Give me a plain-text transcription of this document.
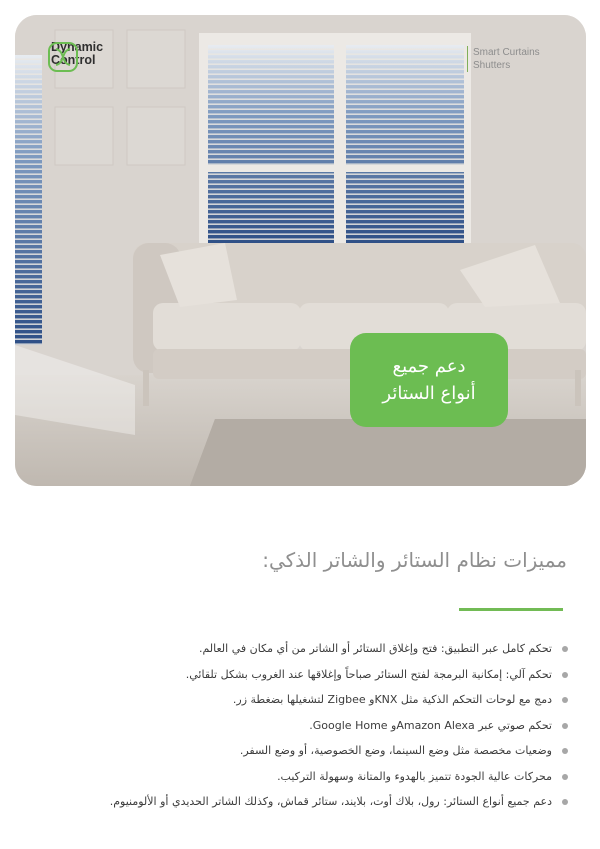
Dynamic
Control
Smart Curtains
Shutters
دعم جميع
أنواع الستائر
مميزات نظام الستائر والشاتر الذكي:
تحكم كامل عبر التطبيق: فتح وإغلاق الستائر أو الشاتر من أي مكان في العالم.
تحكم آلي: إمكانية البرمجة لفتح الستائر صباحاً وإغلاقها عند الغروب بشكل تلقائي.
دمج مع لوحات التحكم الذكية مثل KNXو Zigbee لتشغيلها بضغطة زر.
تحكم صوتي عبر Amazon Alexaو Google Home.
وضعيات مخصصة مثل وضع السينما، وضع الخصوصية، أو وضع السفر.
محركات عالية الجودة تتميز بالهدوء والمتانة وسهولة التركيب.
دعم جميع أنواع الستائر: رول، بلاك أوت، بلايند، ستائر قماش، وكذلك الشاتر الحديدي أو الألومنيوم.
